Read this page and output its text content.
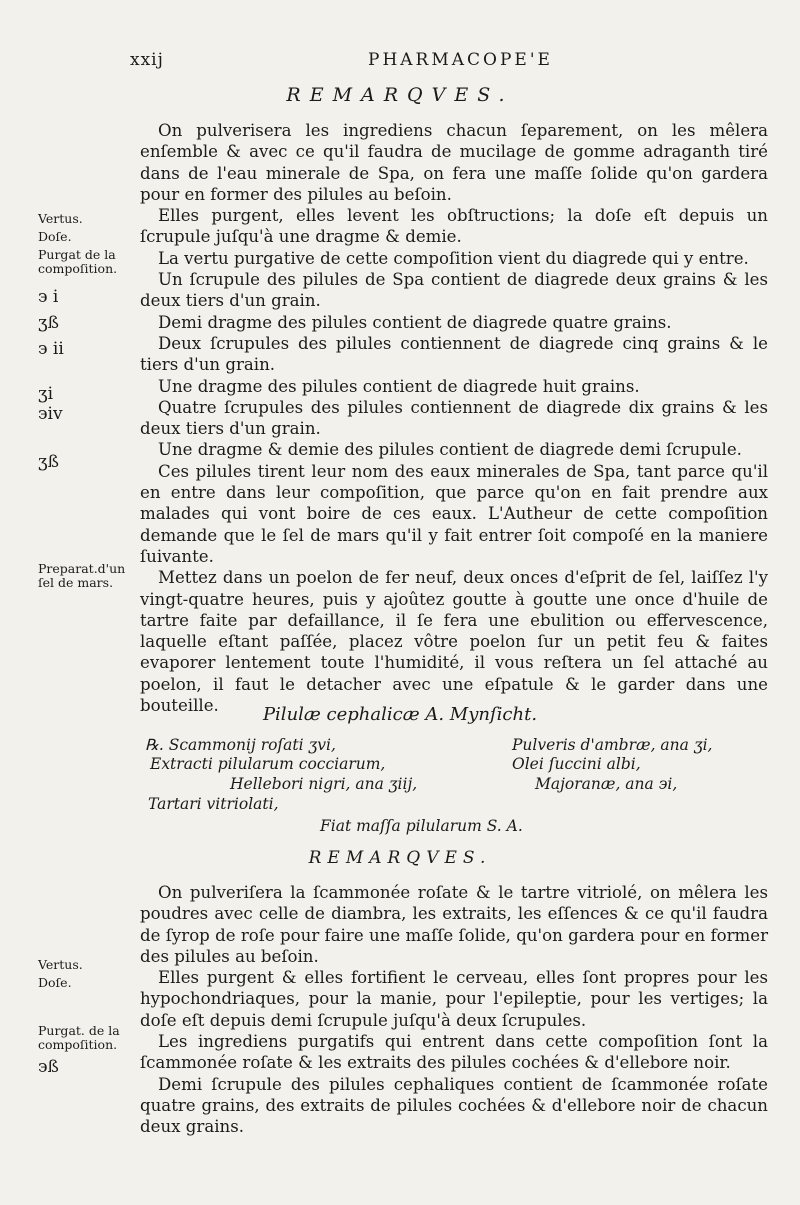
xxij	PHARMACOPE'E
REMARQVES.

On pulverisera les ingrediens chacun ſeparement, on les mêlera enſemble & avec ce qu'il faudra de mucilage de gomme adraganth tiré dans de l'eau minerale de Spa, on fera une maſſe ſolide qu'on gardera pour en former des pilules au beſoin.

Elles purgent, elles levent les obſtructions; la doſe eſt depuis un ſcrupule juſqu'à une dragme & demie.

La vertu purgative de cette compoſition vient du diagrede qui y entre.

Un ſcrupule des pilules de Spa contient de diagrede deux grains & les deux tiers d'un grain.

Demi dragme des pilules contient de diagrede quatre grains.

Deux ſcrupules des pilules contiennent de diagrede cinq grains & le tiers d'un grain.

Une dragme des pilules contient de diagrede huit grains.

Quatre ſcrupules des pilules contiennent de diagrede dix grains & les deux tiers d'un grain.

Une dragme & demie des pilules contient de diagrede demi ſcrupule.

Ces pilules tirent leur nom des eaux minerales de Spa, tant parce qu'il en entre dans leur compoſition, que parce qu'on en fait prendre aux malades qui vont boire de ces eaux. L'Autheur de cette compoſition demande que le ſel de mars qu'il y fait entrer ſoit compoſé en la maniere ſuivante.

Mettez dans un poelon de fer neuf, deux onces d'eſprit de ſel, laiſſez l'y vingt-quatre heures, puis y ajoûtez goutte à goutte une once d'huile de tartre faite par defaillance, il ſe fera une ebulition ou effervescence, laquelle eſtant paſſée, placez vôtre poelon ſur un petit feu & faites evaporer lentement toute l'humidité, il vous reſtera un ſel attaché au poelon, il faut le detacher avec une eſpatule & le garder dans une bouteille.

Vertus.
Doſe.
Purgat de la compoſition.
϶ i
ʒß
϶ ii
ʒi
϶iv
ʒß
Preparat.d'un ſel de mars.
Pilulæ cephalicæ A. Mynſicht.
℞. Scammonij roſati ʒvi,	Pulveris d'ambræ, ana ʒi,
Extracti pilularum cocciarum,	Olei ſuccini albi,
Hellebori nigri, ana ʒiij,	Majoranæ, ana ϶i,
Tartari vitriolati,
Fiat maſſa pilularum S. A.
REMARQVES.

On pulveriſera la ſcammonée roſate & le tartre vitriolé, on mêlera les poudres avec celle de diambra, les extraits, les eſſences & ce qu'il faudra de ſyrop de roſe pour faire une maſſe ſolide, qu'on gardera pour en former des pilules au beſoin.

Elles purgent & elles fortifient le cerveau, elles ſont propres pour les hypochondriaques, pour la manie, pour l'epileptie, pour les vertiges; la doſe eſt depuis demi ſcrupule juſqu'à deux ſcrupules.

Les ingrediens purgatifs qui entrent dans cette compoſition ſont la ſcammonée roſate & les extraits des pilules cochées & d'ellebore noir.

Demi ſcrupule des pilules cephaliques contient de ſcammonée roſate quatre grains, des extraits de pilules cochées & d'ellebore noir de chacun deux grains.

Vertus.
Doſe.
Purgat. de la compoſition.
϶ß
